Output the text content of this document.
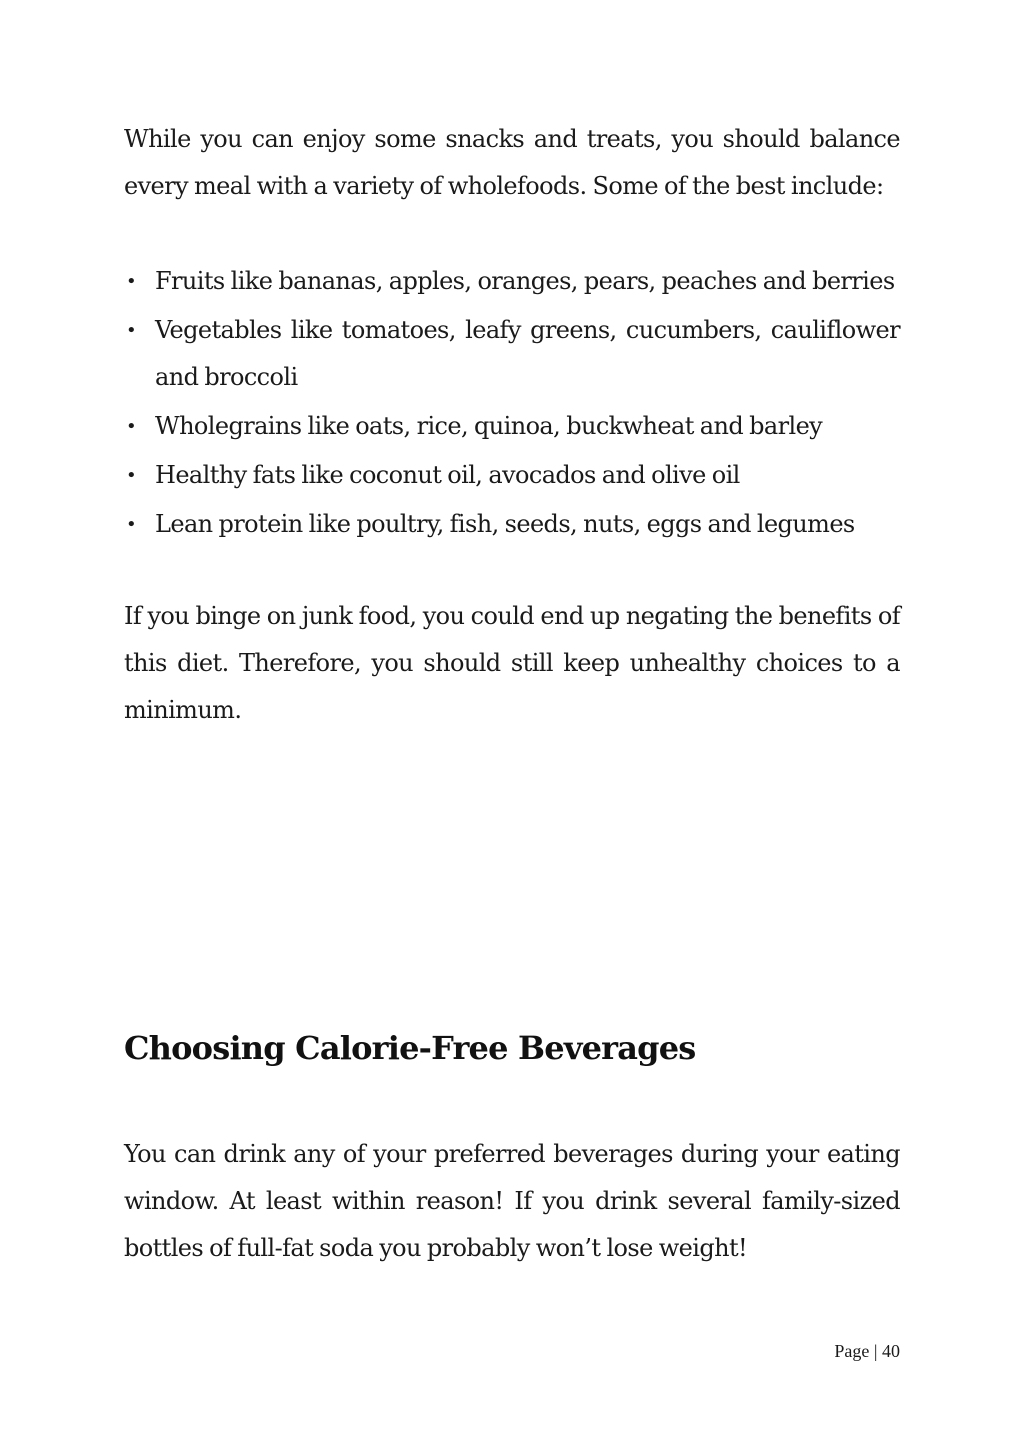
While you can enjoy some snacks and treats, you should balance every meal with a variety of wholefoods. Some of the best include:

• Fruits like bananas, apples, oranges, pears, peaches and berries
• Vegetables like tomatoes, leafy greens, cucumbers, cauliflower and broccoli
• Wholegrains like oats, rice, quinoa, buckwheat and barley
• Healthy fats like coconut oil, avocados and olive oil
• Lean protein like poultry, fish, seeds, nuts, eggs and legumes

If you binge on junk food, you could end up negating the benefits of this diet. Therefore, you should still keep unhealthy choices to a minimum.

Choosing Calorie-Free Beverages

You can drink any of your preferred beverages during your eating window. At least within reason! If you drink several family-sized bottles of full-fat soda you probably won’t lose weight!

Page | 40
